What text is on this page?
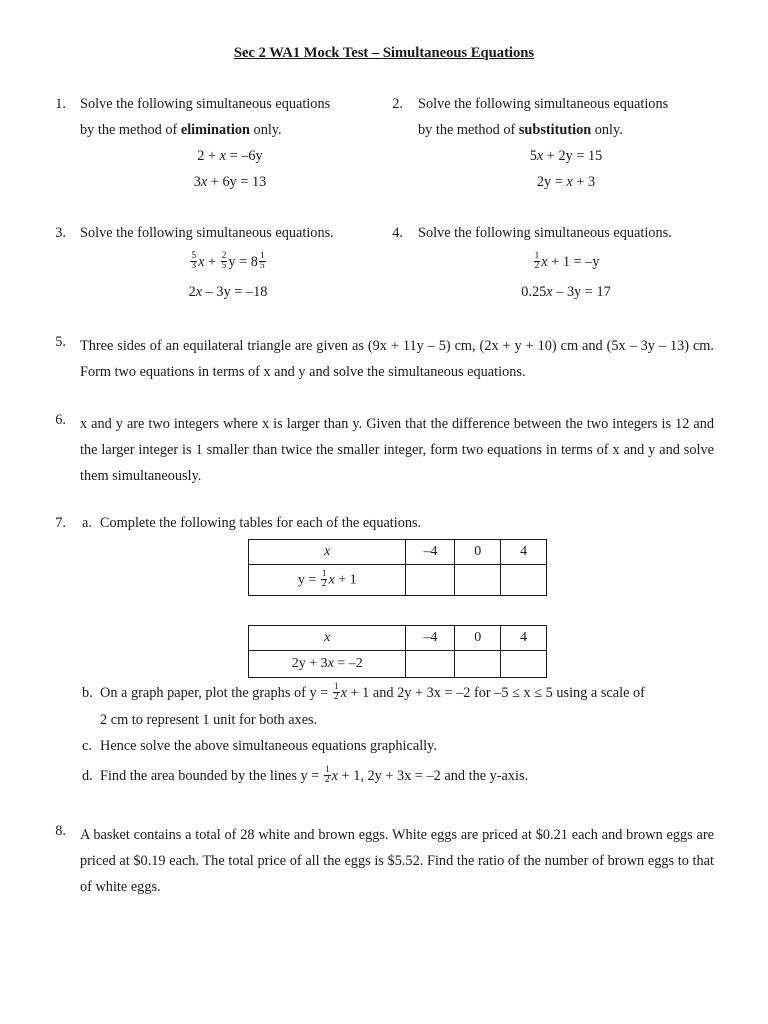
Sec 2 WA1 Mock Test – Simultaneous Equations
1. Solve the following simultaneous equations
by the method of elimination only.
2 + x = –6y
3x + 6y = 13
2. Solve the following simultaneous equations
by the method of substitution only.
5x + 2y = 15
2y = x + 3
3. Solve the following simultaneous equations.
$\frac{5}{3}$ $x + \frac{2}{5}$ $y = 8 \frac{1}{5}$
2x – 3y = –18
4. Solve the following simultaneous equations.
$\frac{1}{2}$ x + 1 = –y
0.25x – 3y = 17
5. Three sides of an equilateral triangle are given as (9x + 11y – 5) cm, (2x + y + 10) cm and (5x – 3y – 13) cm. Form two equations in terms of x and y and solve the simultaneous equations.
6. x and y are two integers where x is larger than y. Given that the difference between the two integers is 12 and the larger integer is 1 smaller than twice the smaller integer, form two equations in terms of x and y and solve them simultaneously.
7. a. Complete the following tables for each of the equations.
x	–4	0	4
$y = \frac{1}{2}$ x + 1			
x	–4	0	4
2y + 3x = –2			
b. On a graph paper, plot the graphs of $y = \frac{1}{2}$ x + 1 and 2y + 3x = –2 for –5 ≤ x ≤ 5 using a scale of
2 cm to represent 1 unit for both axes.
c. Hence solve the above simultaneous equations graphically.
d. Find the area bounded by the lines $y = \frac{1}{2}$ x + 1, 2y + 3x = –2 and the y-axis.
8. A basket contains a total of 28 white and brown eggs. White eggs are priced at $0.21 each and brown eggs are priced at $0.19 each. The total price of all the eggs is $5.52. Find the ratio of the number of brown eggs to that of white eggs.
